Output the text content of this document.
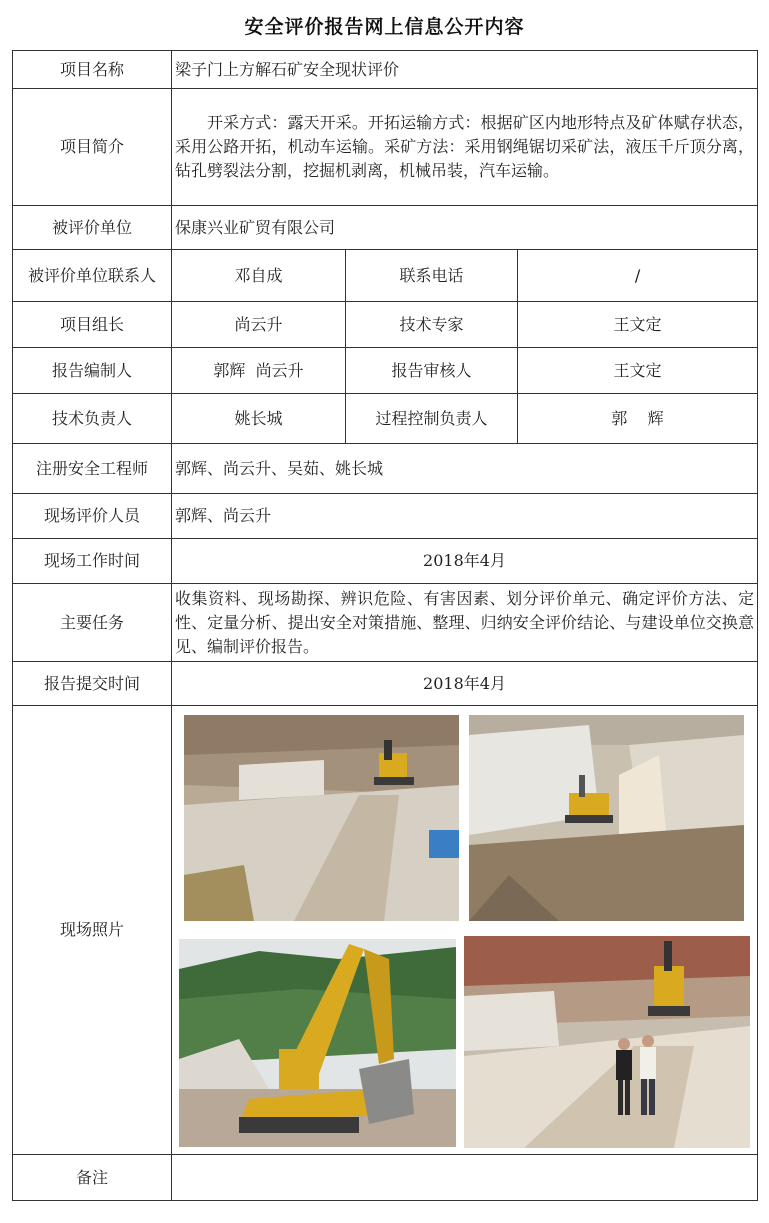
安全评价报告网上信息公开内容
项目名称	梁子门上方解石矿安全现状评价		
项目简介	开采方式：露天开采。开拓运输方式：根据矿区内地形特点及矿体赋存状态，采用公路开拓，机动车运输。采矿方法：采用钢绳锯切采矿法，液压千斤顶分离，钻孔劈裂法分割，挖掘机剥离，机械吊装，汽车运输。		

被评价单位	保康兴业矿贸有限公司		
被评价单位联系人	邓自成	联系电话	/
项目组长	尚云升	技术专家	王文定
报告编制人	郭辉  尚云升	报告审核人	王文定
技术负责人	姚长城	过程控制负责人	郭    辉
注册安全工程师	郭辉、尚云升、吴茹、姚长城		
现场评价人员	郭辉、尚云升		
现场工作时间	2018年4月		
主要任务	收集资料、现场勘探、辨识危险、有害因素、划分评价单元、确定评价方法、定性、定量分析、提出安全对策措施、整理、归纳安全评价结论、与建设单位交换意见、编制评价报告。		
报告提交时间	2018年4月		
现场照片	

备注			
